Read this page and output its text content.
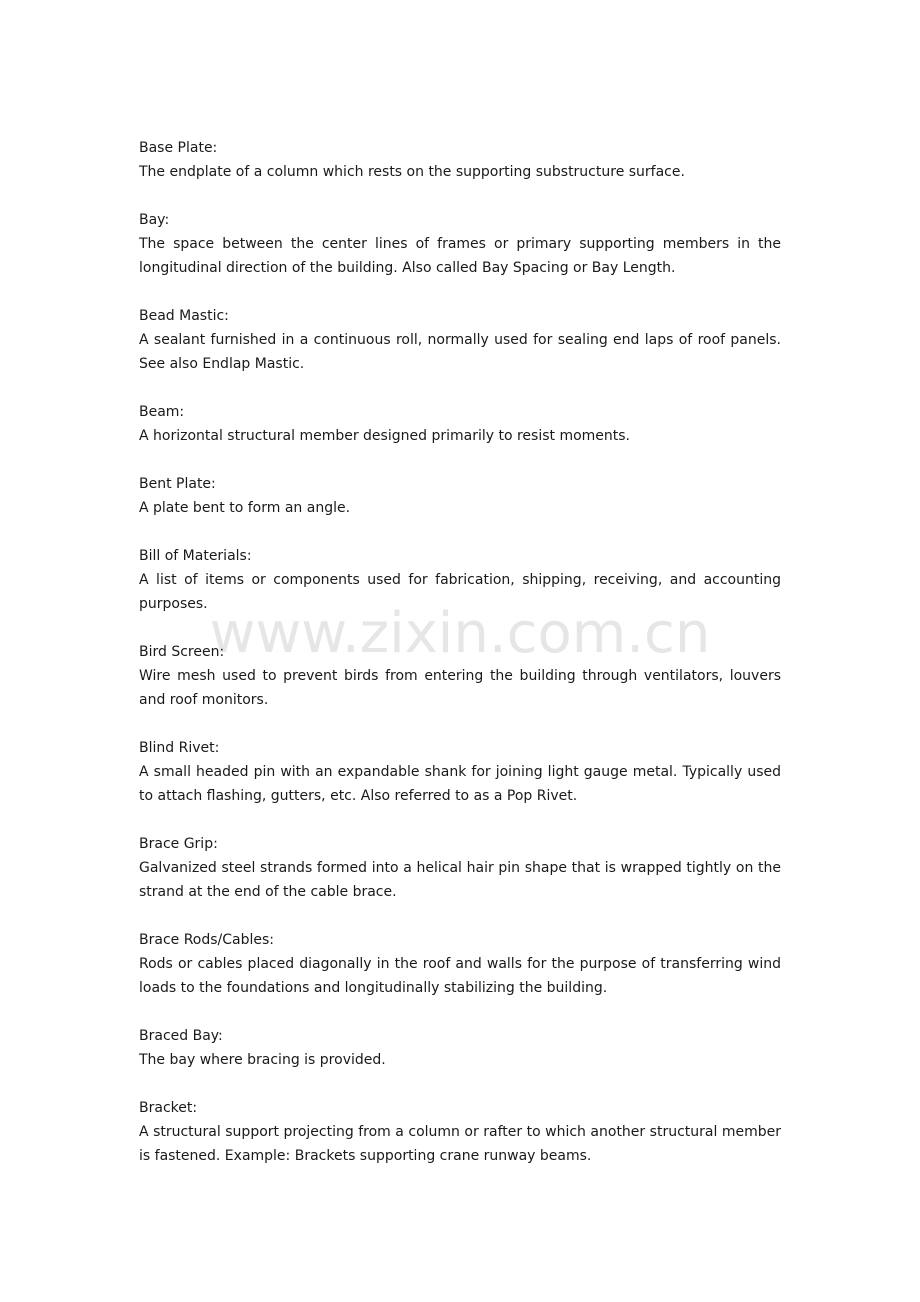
www.zixin.com.cn
Base Plate:
The endplate of a column which rests on the supporting substructure surface.
Bay:
The space between the center lines of frames or primary supporting members in the longitudinal direction of the building. Also called Bay Spacing or Bay Length.
Bead Mastic:
A sealant furnished in a continuous roll, normally used for sealing end laps of roof panels. See also Endlap Mastic.
Beam:
A horizontal structural member designed primarily to resist moments.
Bent Plate:
A plate bent to form an angle.
Bill of Materials:
A list of items or components used for fabrication, shipping, receiving, and accounting purposes.
Bird Screen:
Wire mesh used to prevent birds from entering the building through ventilators, louvers and roof monitors.
Blind Rivet:
A small headed pin with an expandable shank for joining light gauge metal. Typically used to attach flashing, gutters, etc. Also referred to as a Pop Rivet.
Brace Grip:
Galvanized steel strands formed into a helical hair pin shape that is wrapped tightly on the strand at the end of the cable brace.
Brace Rods/Cables:
Rods or cables placed diagonally in the roof and walls for the purpose of transferring wind loads to the foundations and longitudinally stabilizing the building.
Braced Bay:
The bay where bracing is provided.
Bracket:
A structural support projecting from a column or rafter to which another structural member is fastened. Example: Brackets supporting crane runway beams.
